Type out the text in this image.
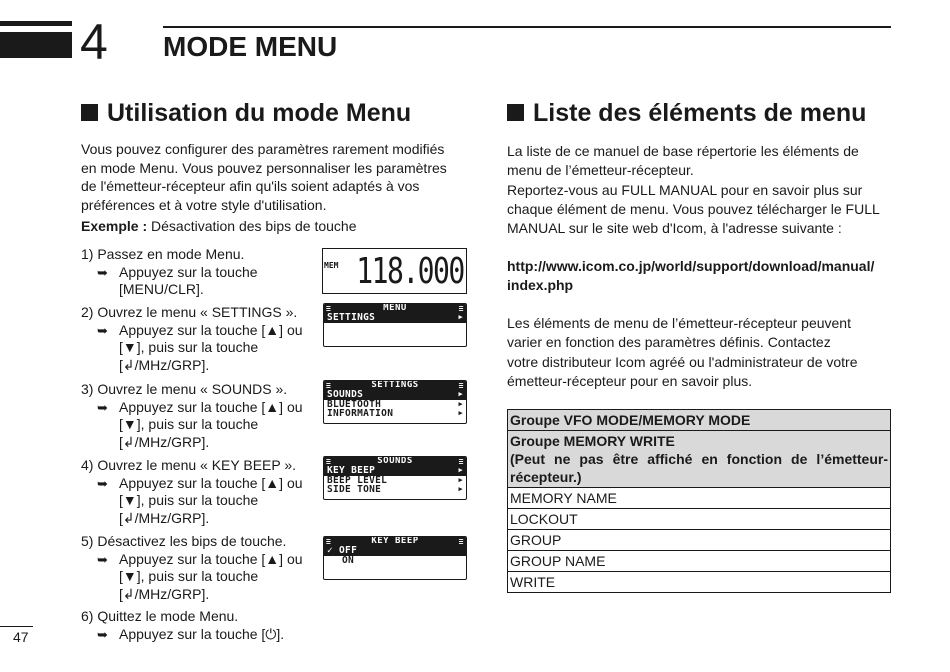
4 MODE MENU
Utilisation du mode Menu

Vous pouvez configurer des paramètres rarement modifiés

en mode Menu. Vous pouvez personnaliser les paramètres

de l'émetteur-récepteur afin qu'ils soient adaptés à vos

préférences et à votre style d'utilisation.

Exemple : Désactivation des bips de touche
1) Passez en mode Menu.
➥ Appuyez sur la touche
[MENU/CLR].
2) Ouvrez le menu « SETTINGS ».
➥ Appuyez sur la touche [▲] ou
[▼], puis sur la touche
[↲/MHz/GRP].
3) Ouvrez le menu « SOUNDS ».
➥ Appuyez sur la touche [▲] ou
[▼], puis sur la touche
[↲/MHz/GRP].
4) Ouvrez le menu « KEY BEEP ».
➥ Appuyez sur la touche [▲] ou
[▼], puis sur la touche
[↲/MHz/GRP].
5) Désactivez les bips de touche.
➥ Appuyez sur la touche [▲] ou
[▼], puis sur la touche
[↲/MHz/GRP].
6) Quittez le mode Menu.
➥ Appuyez sur la touche [⏻].
MEM 118.000
≡	MENU	≡
SETTINGS	▶
≡	SETTINGS	≡
SOUNDS	▶
BLUETOOTH	▶
INFORMATION	▶
≡	SOUNDS	≡
KEY BEEP	▶
BEEP LEVEL	▶
SIDE TONE	▶
≡	KEY BEEP	≡
✓ OFF
ON
Liste des éléments de menu

La liste de ce manuel de base répertorie les éléments de

menu de l’émetteur-récepteur.

Reportez-vous au FULL MANUAL pour en savoir plus sur

chaque élément de menu. Vous pouvez télécharger le FULL

MANUAL sur le site web d'Icom, à l'adresse suivante :

http://www.icom.co.jp/world/support/download/manual/

index.php

Les éléments de menu de l’émetteur-récepteur peuvent

varier en fonction des paramètres définis. Contactez

votre distributeur Icom agréé ou l'administrateur de votre

émetteur-récepteur pour en savoir plus.

Groupe VFO MODE/MEMORY MODE

Groupe MEMORY WRITE
(Peut ne pas être affiché en fonction de l’émetteur-
récepteur.)

MEMORY NAME
LOCKOUT
GROUP
GROUP NAME
WRITE
47
